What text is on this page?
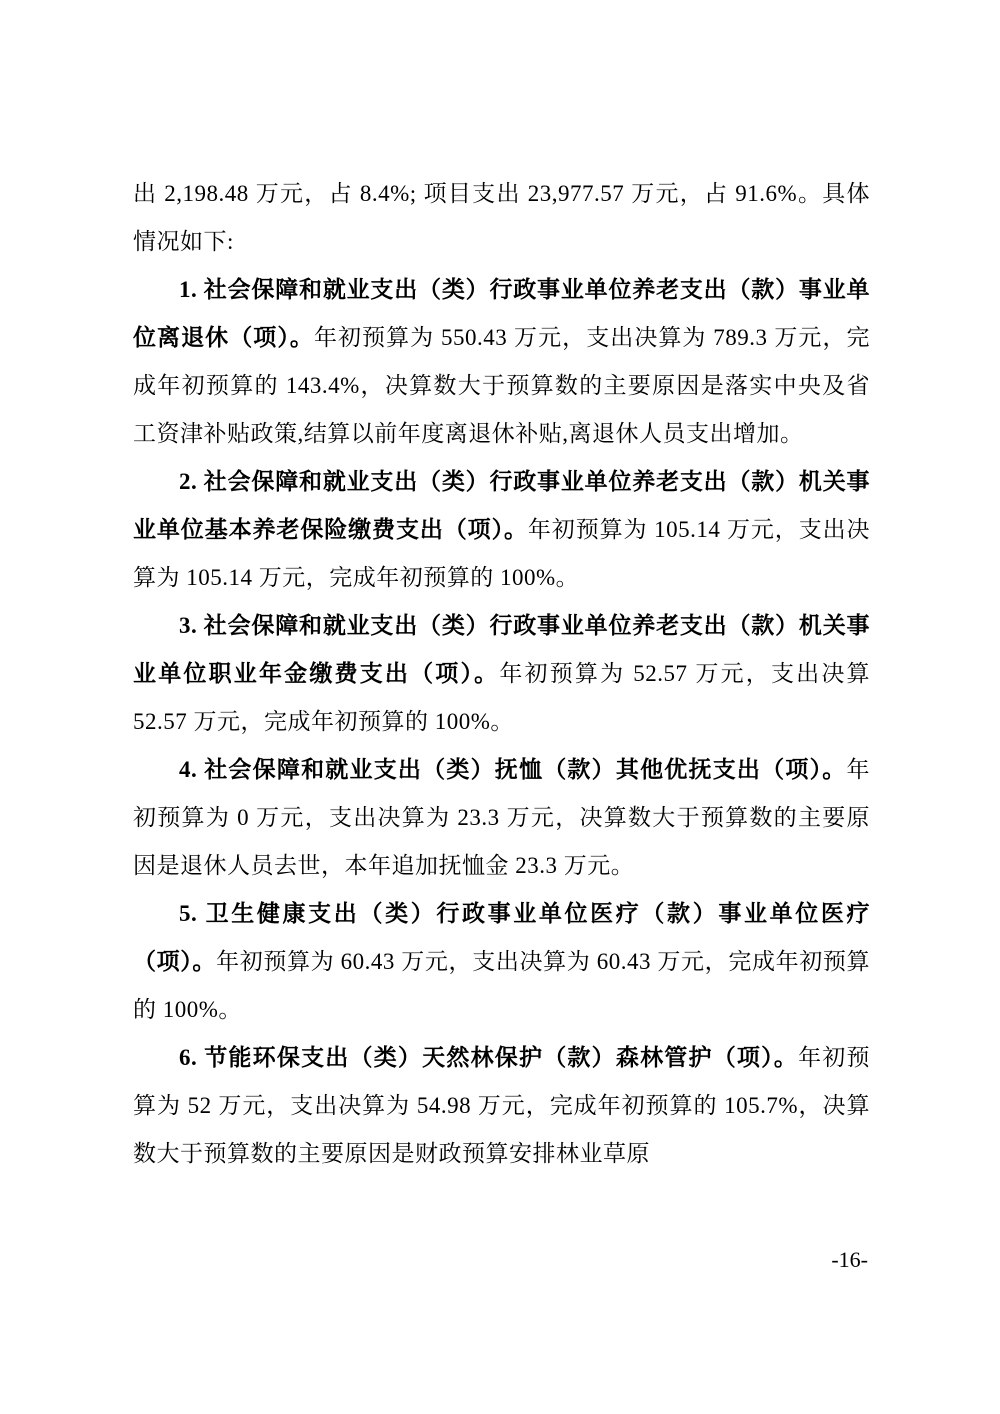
出 2,198.48 万元，占 8.4%; 项目支出 23,977.57 万元，占 91.6%。具体情况如下:

1. 社会保障和就业支出（类）行政事业单位养老支出（款）事业单位离退休（项）。年初预算为 550.43 万元，支出决算为 789.3 万元，完成年初预算的 143.4%，决算数大于预算数的主要原因是落实中央及省工资津补贴政策,结算以前年度离退休补贴,离退休人员支出增加。

2. 社会保障和就业支出（类）行政事业单位养老支出（款）机关事业单位基本养老保险缴费支出（项）。年初预算为 105.14 万元，支出决算为 105.14 万元，完成年初预算的 100%。

3. 社会保障和就业支出（类）行政事业单位养老支出（款）机关事业单位职业年金缴费支出（项）。年初预算为 52.57 万元，支出决算 52.57 万元，完成年初预算的 100%。

4. 社会保障和就业支出（类）抚恤（款）其他优抚支出（项）。年初预算为 0 万元，支出决算为 23.3 万元，决算数大于预算数的主要原因是退休人员去世，本年追加抚恤金 23.3 万元。

5. 卫生健康支出（类）行政事业单位医疗（款）事业单位医疗（项）。年初预算为 60.43 万元，支出决算为 60.43 万元，完成年初预算的 100%。

6. 节能环保支出（类）天然林保护（款）森林管护（项）。年初预算为 52 万元，支出决算为 54.98 万元，完成年初预算的 105.7%，决算数大于预算数的主要原因是财政预算安排林业草原

-16-
